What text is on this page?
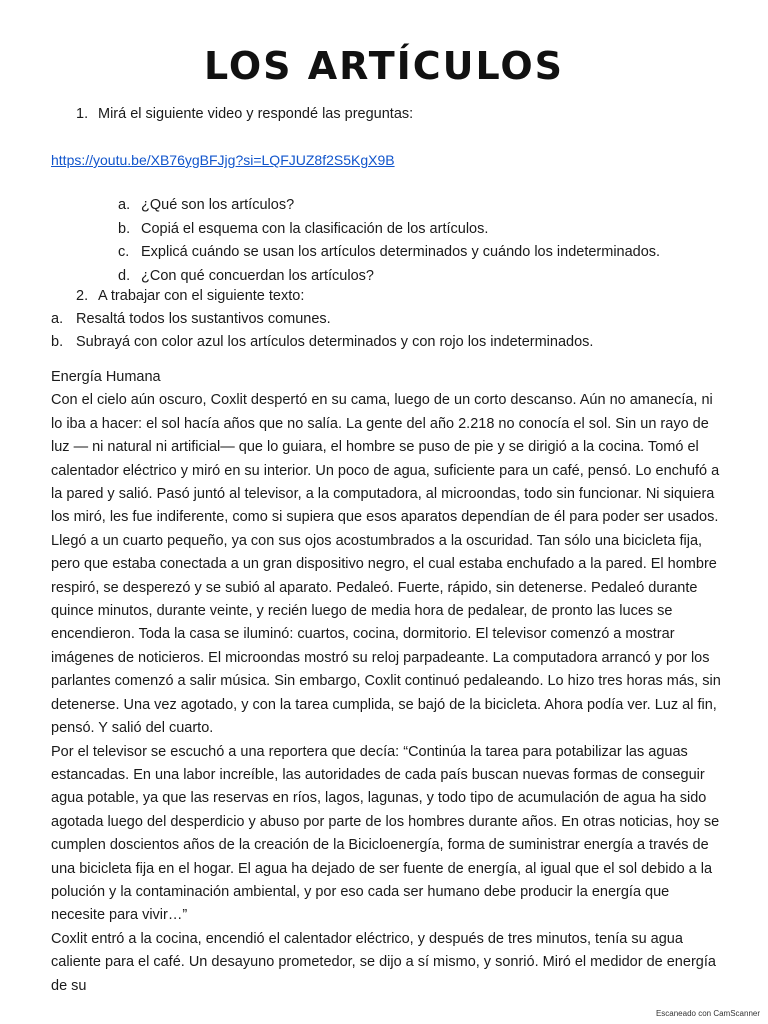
LOS ARTÍCULOS
1. Mirá el siguiente video y respondé las preguntas:
https://youtu.be/XB76ygBFJjg?si=LQFJUZ8f2S5KgX9B
a. ¿Qué son los artículos?
b. Copiá el esquema con la clasificación de los artículos.
c. Explicá cuándo se usan los artículos determinados y cuándo los indeterminados.
d. ¿Con qué concuerdan los artículos?
2. A trabajar con el siguiente texto:
a. Resaltá todos los sustantivos comunes.
b. Subrayá con color azul los artículos determinados y con rojo los indeterminados.

Energía Humana

Con el cielo aún oscuro, Coxlit despertó en su cama, luego de un corto descanso. Aún no amanecía, ni lo iba a hacer: el sol hacía años que no salía. La gente del año 2.218 no conocía el sol. Sin un rayo de luz — ni natural ni artificial— que lo guiara, el hombre se puso de pie y se dirigió a la cocina. Tomó el calentador eléctrico y miró en su interior. Un poco de agua, suficiente para un café, pensó. Lo enchufó a la pared y salió. Pasó juntó al televisor, a la computadora, al microondas, todo sin funcionar. Ni siquiera los miró, les fue indiferente, como si supiera que esos aparatos dependían de él para poder ser usados.

Llegó a un cuarto pequeño, ya con sus ojos acostumbrados a la oscuridad. Tan sólo una bicicleta fija, pero que estaba conectada a un gran dispositivo negro, el cual estaba enchufado a la pared. El hombre respiró, se desperezó y se subió al aparato. Pedaleó. Fuerte, rápido, sin detenerse. Pedaleó durante quince minutos, durante veinte, y recién luego de media hora de pedalear, de pronto las luces se encendieron. Toda la casa se iluminó: cuartos, cocina, dormitorio. El televisor comenzó a mostrar imágenes de noticieros. El microondas mostró su reloj parpadeante. La computadora arrancó y por los parlantes comenzó a salir música. Sin embargo, Coxlit continuó pedaleando. Lo hizo tres horas más, sin detenerse. Una vez agotado, y con la tarea cumplida, se bajó de la bicicleta. Ahora podía ver. Luz al fin, pensó. Y salió del cuarto.

Por el televisor se escuchó a una reportera que decía: “Continúa la tarea para potabilizar las aguas estancadas. En una labor increíble, las autoridades de cada país buscan nuevas formas de conseguir agua potable, ya que las reservas en ríos, lagos, lagunas, y todo tipo de acumulación de agua ha sido agotada luego del desperdicio y abuso por parte de los hombres durante años. En otras noticias, hoy se cumplen doscientos años de la creación de la Bicicloenergía, forma de suministrar energía a través de una bicicleta fija en el hogar. El agua ha dejado de ser fuente de energía, al igual que el sol debido a la polución y la contaminación ambiental, y por eso cada ser humano debe producir la energía que necesite para vivir…”

Coxlit entró a la cocina, encendió el calentador eléctrico, y después de tres minutos, tenía su agua caliente para el café. Un desayuno prometedor, se dijo a sí mismo, y sonrió. Miró el medidor de energía de su

Escaneado con CamScanner
